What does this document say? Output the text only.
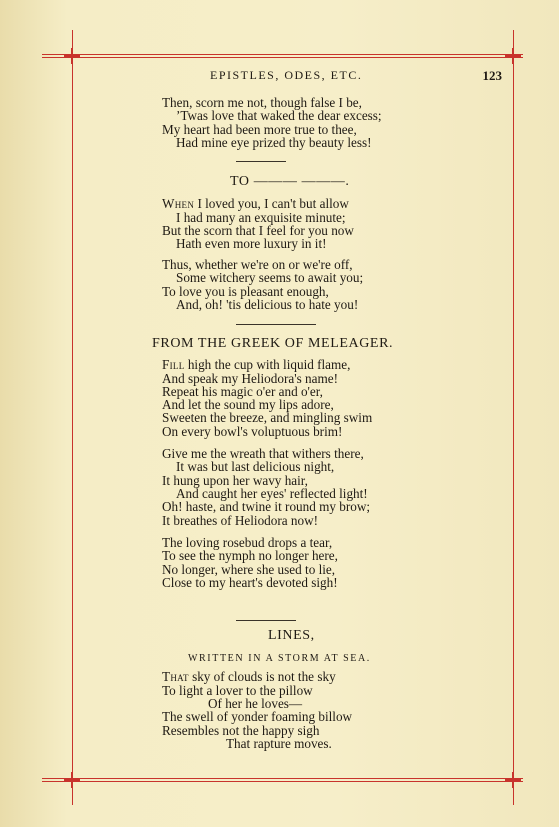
EPISTLES, ODES, ETC.	123
Then, scorn me not, though false I be,
’Twas love that waked the dear excess;
My heart had been more true to thee,
Had mine eye prized thy beauty less!
TO ——— ———.
When I loved you, I can't but allow
I had many an exquisite minute;
But the scorn that I feel for you now
Hath even more luxury in it!
Thus, whether we're on or we're off,
Some witchery seems to await you;
To love you is pleasant enough,
And, oh! 'tis delicious to hate you!
FROM THE GREEK OF MELEAGER.
Fill high the cup with liquid flame,
And speak my Heliodora's name!
Repeat his magic o'er and o'er,
And let the sound my lips adore,
Sweeten the breeze, and mingling swim
On every bowl's voluptuous brim!
Give me the wreath that withers there,
It was but last delicious night,
It hung upon her wavy hair,
And caught her eyes' reflected light!
Oh! haste, and twine it round my brow;
It breathes of Heliodora now!
The loving rosebud drops a tear,
To see the nymph no longer here,
No longer, where she used to lie,
Close to my heart's devoted sigh!
LINES,
WRITTEN IN A STORM AT SEA.
That sky of clouds is not the sky
To light a lover to the pillow
Of her he loves—
The swell of yonder foaming billow
Resembles not the happy sigh
That rapture moves.
